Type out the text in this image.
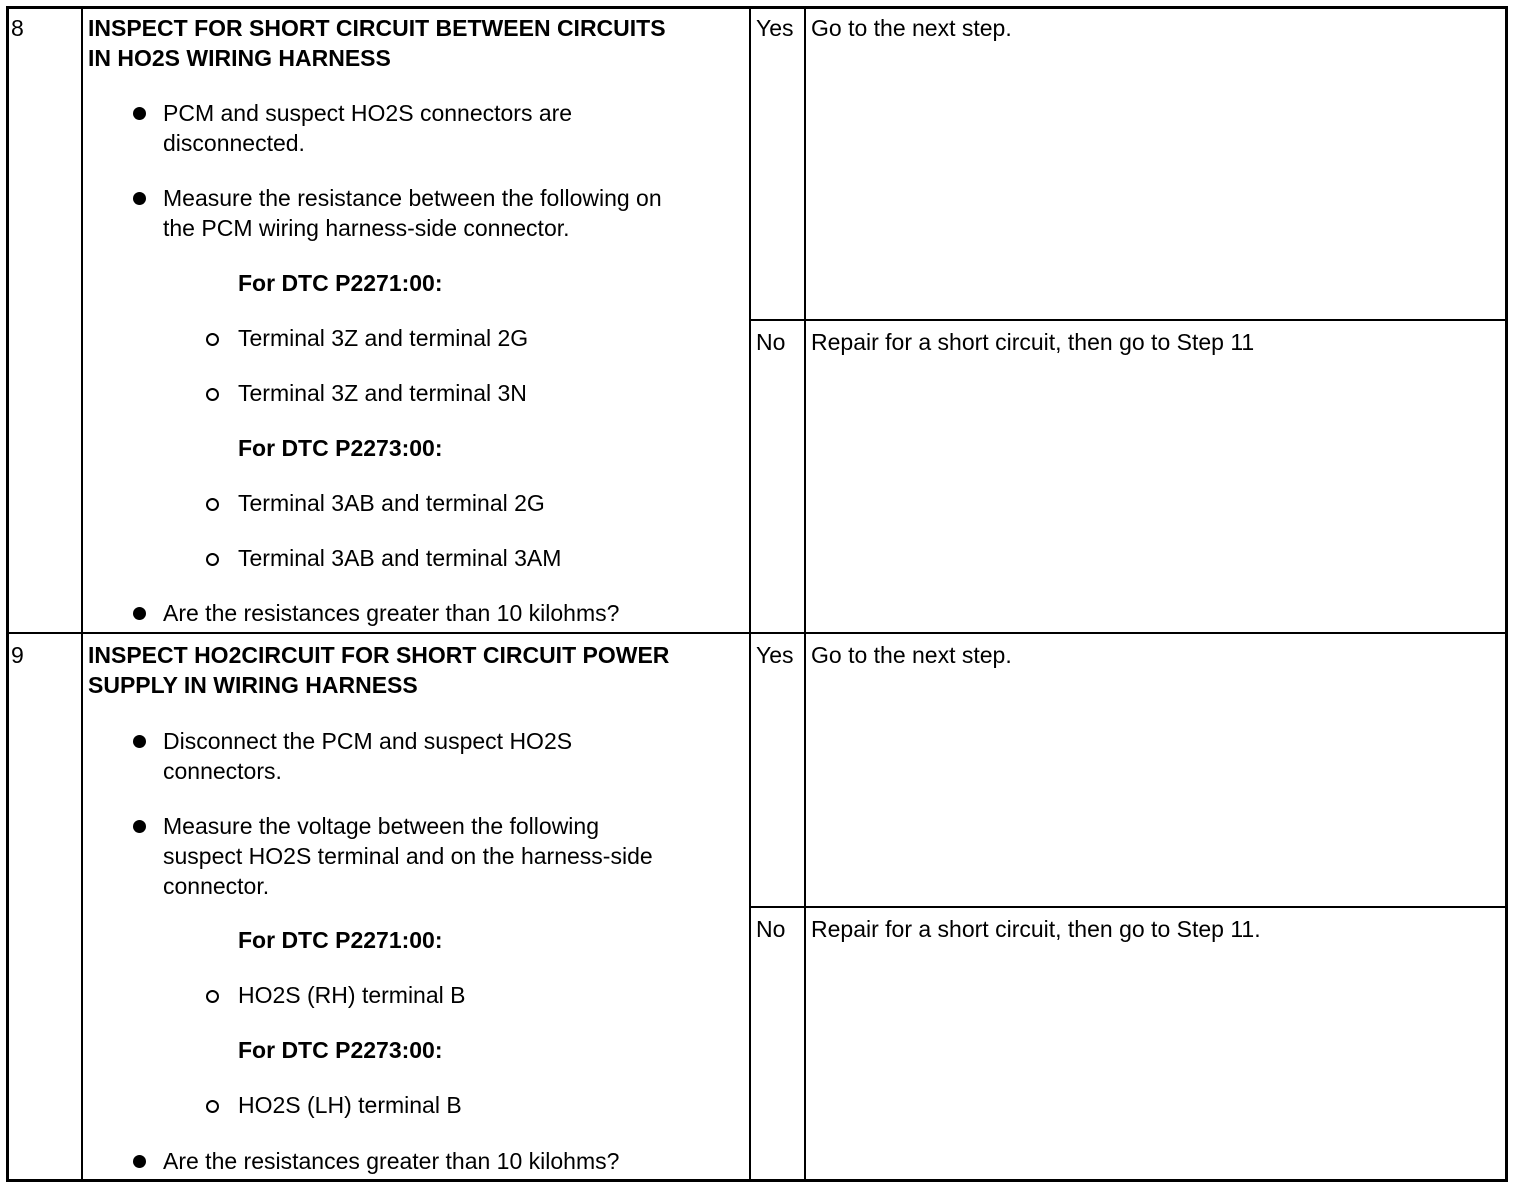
8	INSPECT FOR SHORT CIRCUIT BETWEEN CIRCUITS
IN HO2S WIRING HARNESS
PCM and suspect HO2S connectors are
disconnected.
Measure the resistance between the following on
the PCM wiring harness-side connector.
For DTC P2271:00:
Terminal 3Z and terminal 2G
Terminal 3Z and terminal 3N
For DTC P2273:00:
Terminal 3AB and terminal 2G
Terminal 3AB and terminal 3AM
Are the resistances greater than 10 kilohms?
Yes Go to the next step.
No Repair for a short circuit, then go to Step 11
9	INSPECT HO2CIRCUIT FOR SHORT CIRCUIT POWER
SUPPLY IN WIRING HARNESS
Disconnect the PCM and suspect HO2S
connectors.
Measure the voltage between the following
suspect HO2S terminal and on the harness-side
connector.
For DTC P2271:00:
HO2S (RH) terminal B
For DTC P2273:00:
HO2S (LH) terminal B
Are the resistances greater than 10 kilohms?
Yes Go to the next step.
No Repair for a short circuit, then go to Step 11.
